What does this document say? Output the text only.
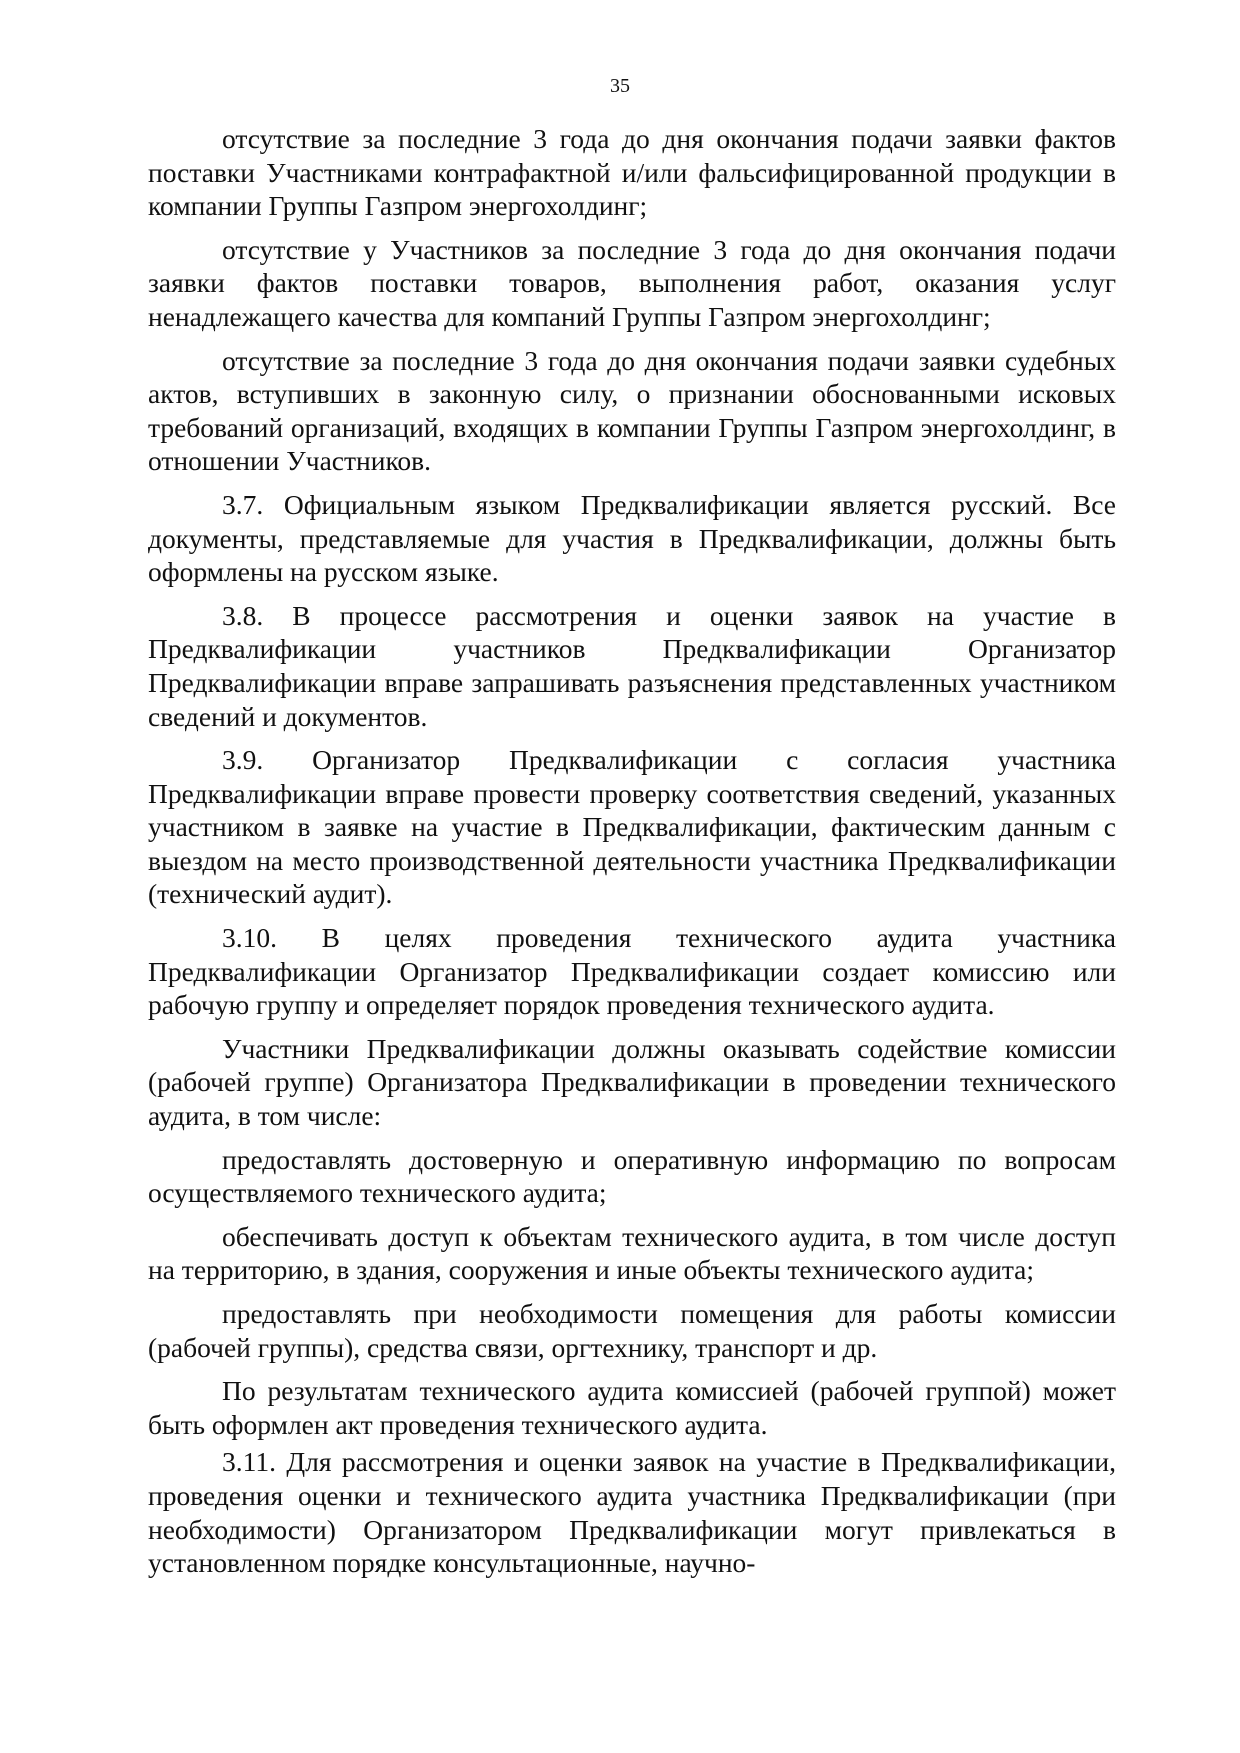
35

отсутствие за последние 3 года до дня окончания подачи заявки фактов поставки Участниками контрафактной и/или фальсифицированной продукции в компании Группы Газпром энергохолдинг;

отсутствие у Участников за последние 3 года до дня окончания подачи заявки фактов поставки товаров, выполнения работ, оказания услуг ненадлежащего качества для компаний Группы Газпром энергохолдинг;

отсутствие за последние 3 года до дня окончания подачи заявки судебных актов, вступивших в законную силу, о признании обоснованными исковых требований организаций, входящих в компании Группы Газпром энергохолдинг, в отношении Участников.

3.7. Официальным языком Предквалификации является русский. Все документы, представляемые для участия в Предквалификации, должны быть оформлены на русском языке.

3.8. В процессе рассмотрения и оценки заявок на участие в Предквалификации участников Предквалификации Организатор Предквалификации вправе запрашивать разъяснения представленных участником сведений и документов.

3.9. Организатор Предквалификации с согласия участника Предквалификации вправе провести проверку соответствия сведений, указанных участником в заявке на участие в Предквалификации, фактическим данным с выездом на место производственной деятельности участника Предквалификации (технический аудит).

3.10. В целях проведения технического аудита участника Предквалификации Организатор Предквалификации создает комиссию или рабочую группу и определяет порядок проведения технического аудита.

Участники Предквалификации должны оказывать содействие комиссии (рабочей группе) Организатора Предквалификации в проведении технического аудита, в том числе:

предоставлять достоверную и оперативную информацию по вопросам осуществляемого технического аудита;

обеспечивать доступ к объектам технического аудита, в том числе доступ на территорию, в здания, сооружения и иные объекты технического аудита;

предоставлять при необходимости помещения для работы комиссии (рабочей группы), средства связи, оргтехнику, транспорт и др.

По результатам технического аудита комиссией (рабочей группой) может быть оформлен акт проведения технического аудита.

3.11. Для рассмотрения и оценки заявок на участие в Предквалификации, проведения оценки и технического аудита участника Предквалификации (при необходимости) Организатором Предквалификации могут привлекаться в установленном порядке консультационные, научно-
